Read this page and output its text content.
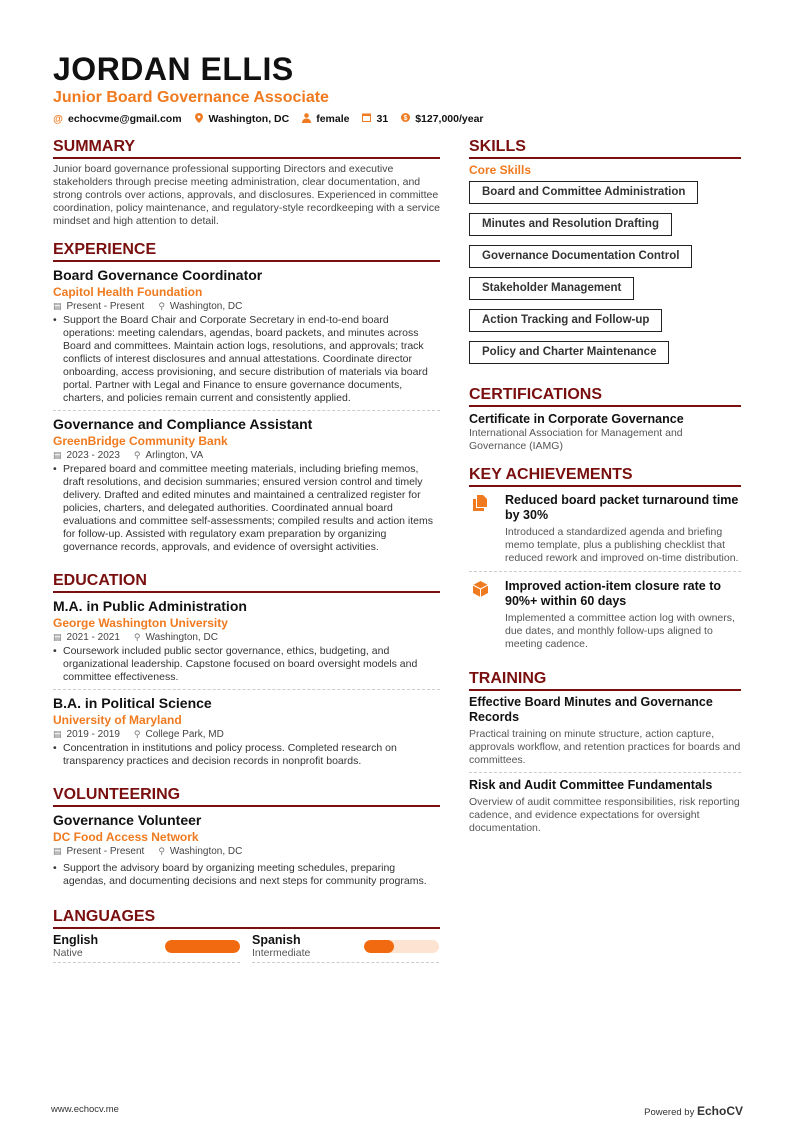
JORDAN ELLIS
Junior Board Governance Associate
@ echocvme@gmail.com	Washington, DC	female	31 $ $127,000/year
SUMMARY
Junior board governance professional supporting Directors and executive stakeholders through precise meeting administration, clear documentation, and strong controls over actions, approvals, and disclosures. Experienced in committee coordination, policy maintenance, and regulatory-style recordkeeping with a service mindset and high attention to detail.
EXPERIENCE
Board Governance Coordinator
Capitol Health Foundation
▤ Present - Present ⚲ Washington, DC
• Support the Board Chair and Corporate Secretary in end-to-end board operations: meeting calendars, agendas, board packets, and minutes across Board and committees. Maintain action logs, resolutions, and approvals; track conflicts of interest disclosures and annual attestations. Coordinate director onboarding, access provisioning, and secure distribution of materials via board portal. Partner with Legal and Finance to ensure governance documents, charters, and policies remain current and consistently applied.
Governance and Compliance Assistant
GreenBridge Community Bank
▤ 2023 - 2023 ⚲ Arlington, VA
• Prepared board and committee meeting materials, including briefing memos, draft resolutions, and decision summaries; ensured version control and timely delivery. Drafted and edited minutes and maintained a centralized register for policies, charters, and delegated authorities. Coordinated annual board evaluations and committee self-assessments; compiled results and action items for follow-up. Assisted with regulatory exam preparation by organizing governance records, approvals, and evidence of oversight activities.
EDUCATION
M.A. in Public Administration
George Washington University
▤ 2021 - 2021 ⚲ Washington, DC
• Coursework included public sector governance, ethics, budgeting, and organizational leadership. Capstone focused on board oversight models and committee effectiveness.
B.A. in Political Science
University of Maryland
▤ 2019 - 2019 ⚲ College Park, MD
• Concentration in institutions and policy process. Completed research on transparency practices and decision records in nonprofit boards.
VOLUNTEERING
Governance Volunteer
DC Food Access Network
▤ Present - Present ⚲ Washington, DC
• Support the advisory board by organizing meeting schedules, preparing agendas, and documenting decisions and next steps for community programs.
LANGUAGES
English
Native
Spanish
Intermediate
SKILLS
Core Skills
Board and Committee Administration
Minutes and Resolution Drafting
Governance Documentation Control
Stakeholder Management
Action Tracking and Follow-up
Policy and Charter Maintenance
CERTIFICATIONS
Certificate in Corporate Governance
International Association for Management and Governance (IAMG)
KEY ACHIEVEMENTS
Reduced board packet turnaround time by 30%
Introduced a standardized agenda and briefing memo template, plus a publishing checklist that reduced rework and improved on-time distribution.
Improved action-item closure rate to 90%+ within 60 days
Implemented a committee action log with owners, due dates, and monthly follow-ups aligned to meeting cadence.
TRAINING
Effective Board Minutes and Governance Records
Practical training on minute structure, action capture, approvals workflow, and retention practices for boards and committees.
Risk and Audit Committee Fundamentals
Overview of audit committee responsibilities, risk reporting cadence, and evidence expectations for oversight documentation.
www.echocv.me	Powered by EchoCV
